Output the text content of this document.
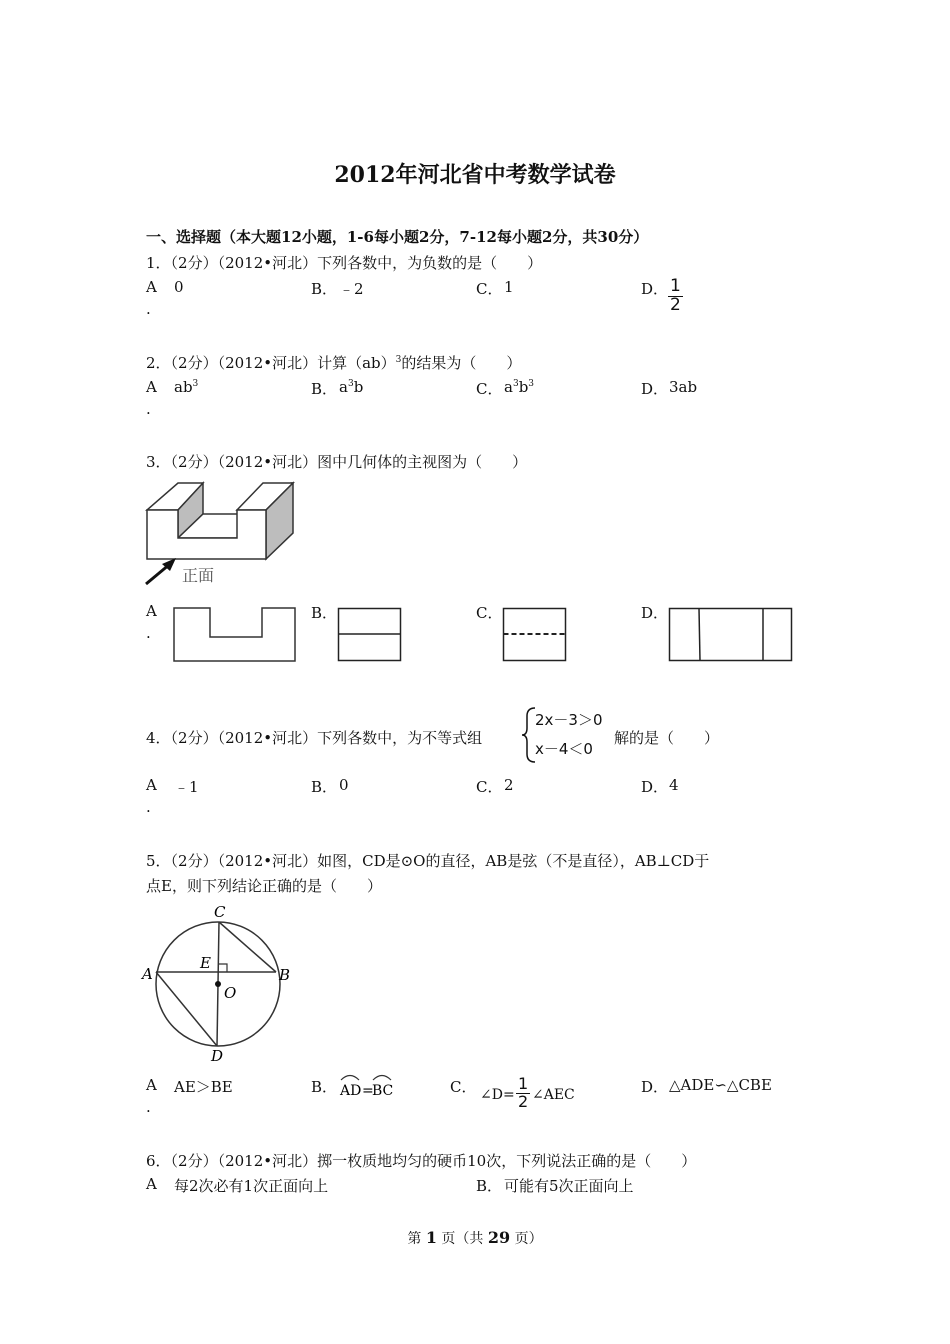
2012年河北省中考数学试卷
一、选择题（本大题12小题，1-6每小题2分，7-12每小题2分，共30分）
1．（2分）（2012•河北）下列各数中，为负数的是（　　）
A
.
0	B． ﹣2	C． 1	D． $\frac{1}{2}$
2．（2分）（2012•河北）计算（ab）$^3$的结果为（　　）
A
.
$ab^3$	B． $a^3b$	C． $a^3b^3$	D． 3ab
3．（2分）（2012•河北）图中几何体的主视图为（　　）
正面
A
.
B．	C．	D．
4．（2分）（2012•河北）下列各数中，为不等式组
2x－3＞0
x－4＜0
解的是（　　）
A
.
﹣1	B． 0	C． 2	D． 4
5．（2分）（2012•河北）如图，CD是⊙O的直径，AB是弦（不是直径），AB⊥CD于
点E，则下列结论正确的是（　　）
C
A	B
D
E
O
A
.
AE＞BE	B． AD =
BC	C． ∠D= $\frac{1}{2}$ ∠AEC	D． △ADE∽△CBE
6．（2分）（2012•河北）掷一枚质地均匀的硬币10次，下列说法正确的是（　　）
A 每2次必有1次正面向上	B． 可能有5次正面向上
第 1 页（共 29 页）
